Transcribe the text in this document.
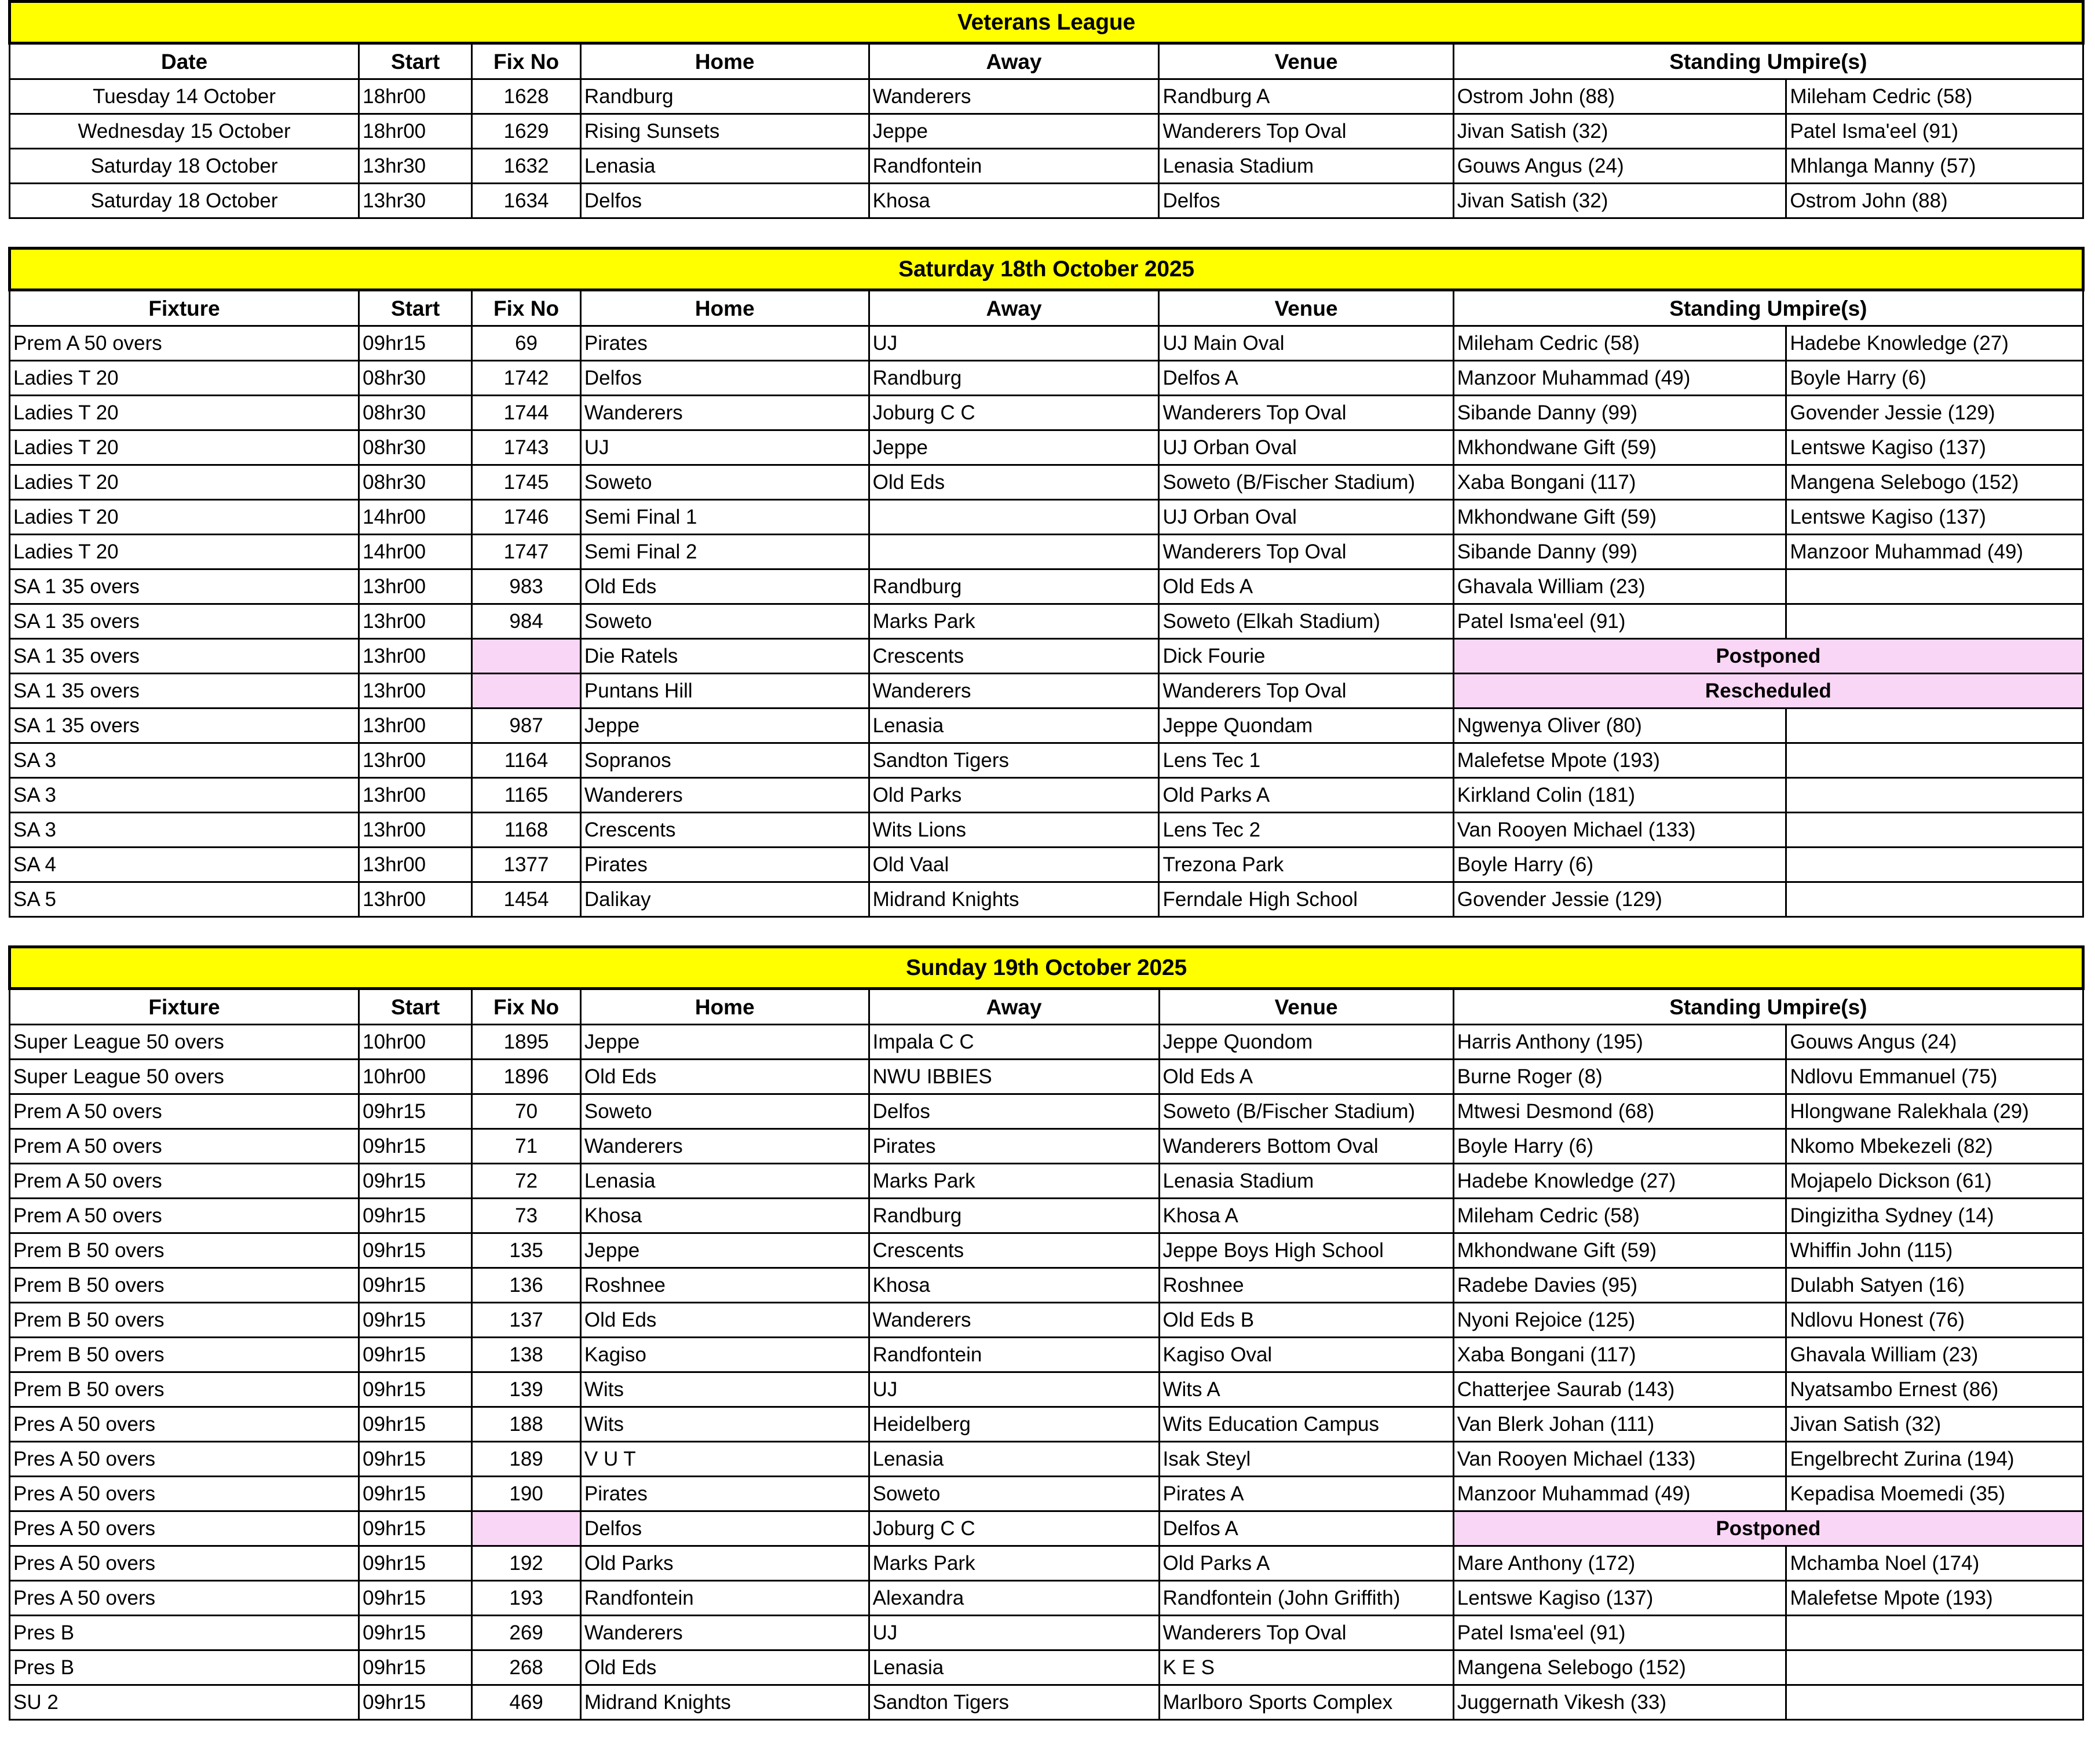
Veterans League							
Date	Start	Fix No	Home	Away	Venue	Standing Umpire(s)	
Tuesday 14 October	18hr00	1628	Randburg	Wanderers	Randburg A	Ostrom John (88)	Mileham Cedric (58)
Wednesday 15 October	18hr00	1629	Rising Sunsets	Jeppe	Wanderers Top Oval	Jivan Satish (32)	Patel Isma'eel (91)
Saturday 18 October	13hr30	1632	Lenasia	Randfontein	Lenasia Stadium	Gouws Angus (24)	Mhlanga Manny (57)
Saturday 18 October	13hr30	1634	Delfos	Khosa	Delfos	Jivan Satish (32)	Ostrom John (88)
Saturday 18th October 2025							
Fixture	Start	Fix No	Home	Away	Venue	Standing Umpire(s)	
Prem A 50 overs	09hr15	69	Pirates	UJ	UJ Main Oval	Mileham Cedric (58)	Hadebe Knowledge (27)
Ladies T 20	08hr30	1742	Delfos	Randburg	Delfos A	Manzoor Muhammad (49)	Boyle Harry (6)
Ladies T 20	08hr30	1744	Wanderers	Joburg C C	Wanderers Top Oval	Sibande Danny (99)	Govender Jessie (129)
Ladies T 20	08hr30	1743	UJ	Jeppe	UJ Orban Oval	Mkhondwane Gift (59)	Lentswe Kagiso (137)
Ladies T 20	08hr30	1745	Soweto	Old Eds	Soweto (B/Fischer Stadium)	Xaba Bongani (117)	Mangena Selebogo (152)
Ladies T 20	14hr00	1746	Semi Final 1		UJ Orban Oval	Mkhondwane Gift (59)	Lentswe Kagiso (137)
Ladies T 20	14hr00	1747	Semi Final 2		Wanderers Top Oval	Sibande Danny (99)	Manzoor Muhammad (49)
SA 1 35 overs	13hr00	983	Old Eds	Randburg	Old Eds A	Ghavala William (23)	
SA 1 35 overs	13hr00	984	Soweto	Marks Park	Soweto (Elkah Stadium)	Patel Isma'eel (91)	
SA 1 35 overs	13hr00		Die Ratels	Crescents	Dick Fourie	Postponed	
SA 1 35 overs	13hr00		Puntans Hill	Wanderers	Wanderers Top Oval	Rescheduled	
SA 1 35 overs	13hr00	987	Jeppe	Lenasia	Jeppe Quondam	Ngwenya Oliver (80)	
SA 3	13hr00	1164	Sopranos	Sandton Tigers	Lens Tec 1	Malefetse Mpote (193)	
SA 3	13hr00	1165	Wanderers	Old Parks	Old Parks A	Kirkland Colin (181)	
SA 3	13hr00	1168	Crescents	Wits Lions	Lens Tec 2	Van Rooyen Michael (133)	
SA 4	13hr00	1377	Pirates	Old Vaal	Trezona Park	Boyle Harry (6)	
SA 5	13hr00	1454	Dalikay	Midrand Knights	Ferndale High School	Govender Jessie (129)	
Sunday 19th October 2025							
Fixture	Start	Fix No	Home	Away	Venue	Standing Umpire(s)	
Super League 50 overs	10hr00	1895	Jeppe	Impala C C	Jeppe Quondom	Harris Anthony (195)	Gouws Angus (24)
Super League 50 overs	10hr00	1896	Old Eds	NWU IBBIES	Old Eds A	Burne Roger (8)	Ndlovu Emmanuel (75)
Prem A 50 overs	09hr15	70	Soweto	Delfos	Soweto (B/Fischer Stadium)	Mtwesi Desmond (68)	Hlongwane Ralekhala (29)
Prem A 50 overs	09hr15	71	Wanderers	Pirates	Wanderers Bottom Oval	Boyle Harry (6)	Nkomo Mbekezeli (82)
Prem A 50 overs	09hr15	72	Lenasia	Marks Park	Lenasia Stadium	Hadebe Knowledge (27)	Mojapelo Dickson (61)
Prem A 50 overs	09hr15	73	Khosa	Randburg	Khosa A	Mileham Cedric (58)	Dingizitha Sydney (14)
Prem B 50 overs	09hr15	135	Jeppe	Crescents	Jeppe Boys High School	Mkhondwane Gift (59)	Whiffin John (115)
Prem B 50 overs	09hr15	136	Roshnee	Khosa	Roshnee	Radebe Davies (95)	Dulabh Satyen (16)
Prem B 50 overs	09hr15	137	Old Eds	Wanderers	Old Eds B	Nyoni Rejoice (125)	Ndlovu Honest (76)
Prem B 50 overs	09hr15	138	Kagiso	Randfontein	Kagiso Oval	Xaba Bongani (117)	Ghavala William (23)
Prem B 50 overs	09hr15	139	Wits	UJ	Wits A	Chatterjee Saurab (143)	Nyatsambo Ernest (86)
Pres A 50 overs	09hr15	188	Wits	Heidelberg	Wits Education Campus	Van Blerk Johan (111)	Jivan Satish (32)
Pres A 50 overs	09hr15	189	V U T	Lenasia	Isak Steyl	Van Rooyen Michael (133)	Engelbrecht Zurina (194)
Pres A 50 overs	09hr15	190	Pirates	Soweto	Pirates A	Manzoor Muhammad (49)	Kepadisa Moemedi (35)
Pres A 50 overs	09hr15		Delfos	Joburg C C	Delfos A	Postponed	
Pres A 50 overs	09hr15	192	Old Parks	Marks Park	Old Parks A	Mare Anthony (172)	Mchamba Noel (174)
Pres A 50 overs	09hr15	193	Randfontein	Alexandra	Randfontein (John Griffith)	Lentswe Kagiso (137)	Malefetse Mpote (193)
Pres B	09hr15	269	Wanderers	UJ	Wanderers Top Oval	Patel Isma'eel (91)	
Pres B	09hr15	268	Old Eds	Lenasia	K E S	Mangena Selebogo (152)	
SU 2	09hr15	469	Midrand Knights	Sandton Tigers	Marlboro Sports Complex	Juggernath Vikesh (33)	
